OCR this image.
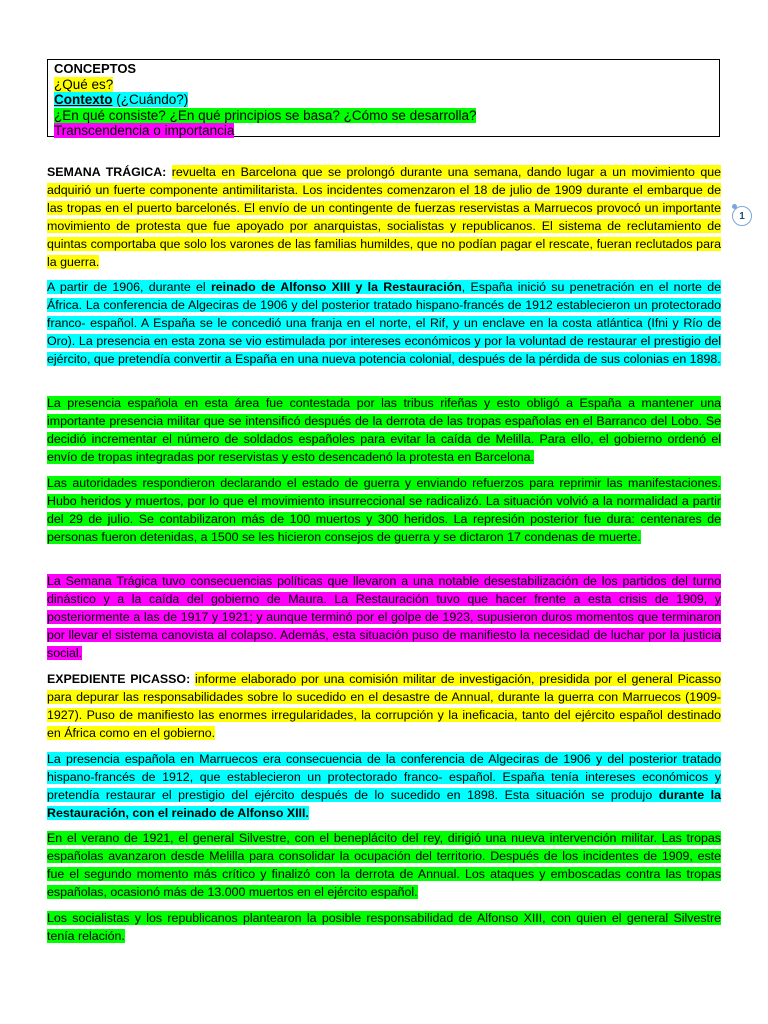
CONCEPTOS
¿Qué es?
Contexto (¿Cuándo?)
¿En qué consiste? ¿En qué principios se basa? ¿Cómo se desarrolla?
Transcendencia o importancia
1
SEMANA TRÁGICA: revuelta en Barcelona que se prolongó durante una semana, dando lugar a un movimiento que adquirió un fuerte componente antimilitarista. Los incidentes comenzaron el 18 de julio de 1909 durante el embarque de las tropas en el puerto barcelonés. El envío de un contingente de fuerzas reservistas a Marruecos provocó un importante movimiento de protesta que fue apoyado por anarquistas, socialistas y republicanos. El sistema de reclutamiento de quintas comportaba que solo los varones de las familias humildes, que no podían pagar el rescate, fueran reclutados para la guerra.
A partir de 1906, durante el reinado de Alfonso XIII y la Restauración, España inició su penetración en el norte de África. La conferencia de Algeciras de 1906 y del posterior tratado hispano-francés de 1912 establecieron un protectorado franco- español. A España se le concedió una franja en el norte, el Rif, y un enclave en la costa atlántica (Ifni y Río de Oro). La presencia en esta zona se vio estimulada por intereses económicos y por la voluntad de restaurar el prestigio del ejército, que pretendía convertir a España en una nueva potencia colonial, después de la pérdida de sus colonias en 1898.
La presencia española en esta área fue contestada por las tribus rifeñas y esto obligó a España a mantener una importante presencia militar que se intensificó después de la derrota de las tropas españolas en el Barranco del Lobo. Se decidió incrementar el número de soldados españoles para evitar la caída de Melilla. Para ello, el gobierno ordenó el envío de tropas integradas por reservistas y esto desencadenó la protesta en Barcelona.
Las autoridades respondieron declarando el estado de guerra y enviando refuerzos para reprimir las manifestaciones. Hubo heridos y muertos, por lo que el movimiento insurreccional se radicalizó. La situación volvió a la normalidad a partir del 29 de julio. Se contabilizaron más de 100 muertos y 300 heridos. La represión posterior fue dura: centenares de personas fueron detenidas, a 1500 se les hicieron consejos de guerra y se dictaron 17 condenas de muerte.
La Semana Trágica tuvo consecuencias políticas que llevaron a una notable desestabilización de los partidos del turno dinástico y a la caída del gobierno de Maura. La Restauración tuvo que hacer frente a esta crisis de 1909, y posteriormente a las de 1917 y 1921; y aunque terminó por el golpe de 1923, supusieron duros momentos que terminaron por llevar el sistema canovista al colapso. Además, esta situación puso de manifiesto la necesidad de luchar por la justicia social.
EXPEDIENTE PICASSO: informe elaborado por una comisión militar de investigación, presidida por el general Picasso para depurar las responsabilidades sobre lo sucedido en el desastre de Annual, durante la guerra con Marruecos (1909-1927). Puso de manifiesto las enormes irregularidades, la corrupción y la ineficacia, tanto del ejército español destinado en África como en el gobierno.
La presencia española en Marruecos era consecuencia de la conferencia de Algeciras de 1906 y del posterior tratado hispano-francés de 1912, que establecieron un protectorado franco- español. España tenía intereses económicos y pretendía restaurar el prestigio del ejército después de lo sucedido en 1898. Esta situación se produjo durante la Restauración, con el reinado de Alfonso XIII.
En el verano de 1921, el general Silvestre, con el beneplácito del rey, dirigió una nueva intervención militar. Las tropas españolas avanzaron desde Melilla para consolidar la ocupación del territorio. Después de los incidentes de 1909, este fue el segundo momento más crítico y finalizó con la derrota de Annual. Los ataques y emboscadas contra las tropas españolas, ocasionó más de 13.000 muertos en el ejército español.
Los socialistas y los republicanos plantearon la posible responsabilidad de Alfonso XIII, con quien el general Silvestre tenía relación.
